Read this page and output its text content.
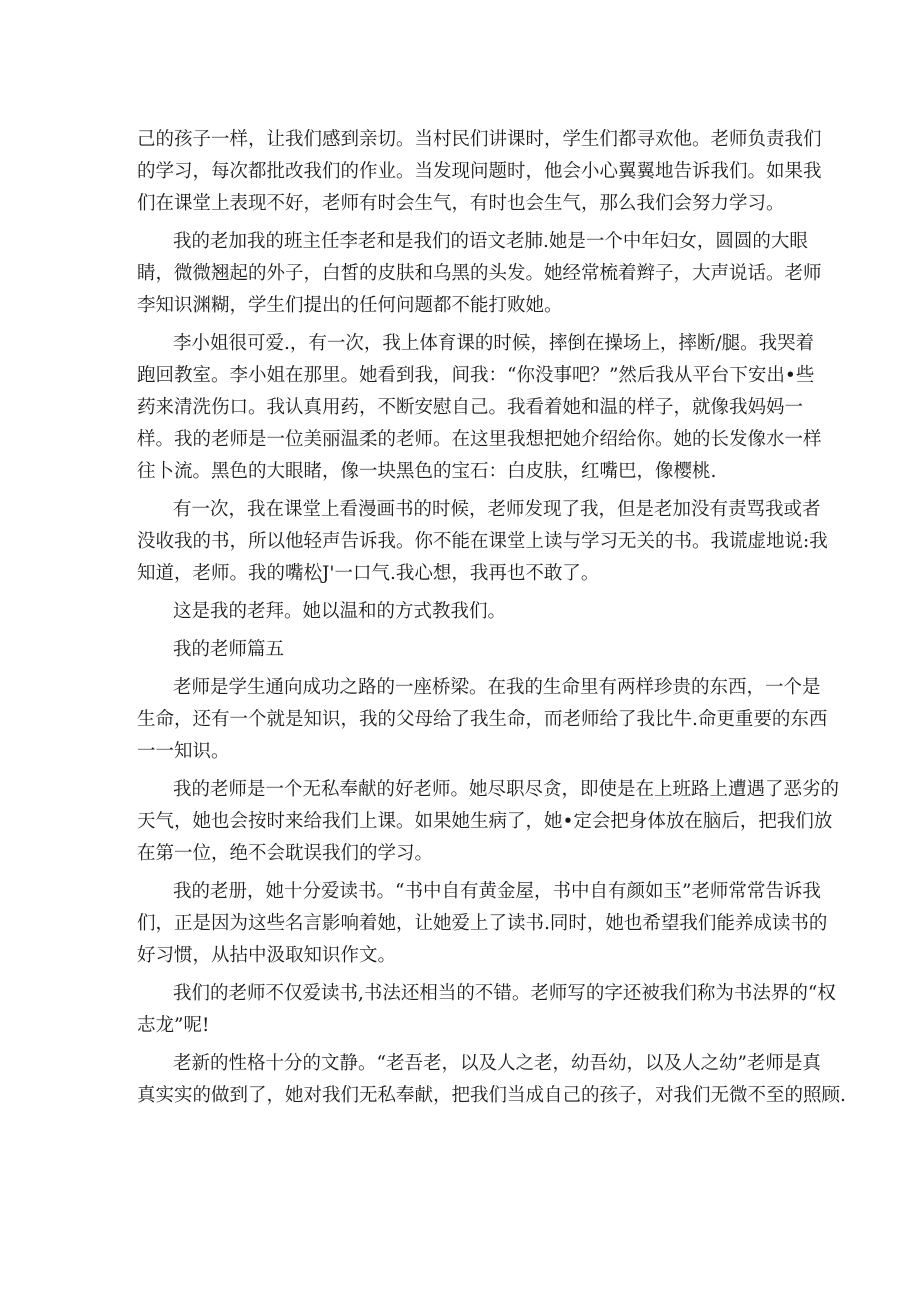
己的孩子一样，让我们感到亲切。当村民们讲课时，学生们都寻欢他。老师负责我们
的学习，每次都批改我们的作业。当发现问题时，他会小心翼翼地告诉我们。如果我
们在课堂上表现不好，老师有时会生气，有时也会生气，那么我们会努力学习。
我的老加我的班主任李老和是我们的语文老肺.她是一个中年妇女，圆圆的大眼
睛，微微翘起的外子，白皙的皮肤和乌黑的头发。她经常梳着辫子，大声说话。老师
李知识渊糊，学生们提出的任何问题都不能打败她。
李小姐很可爱.，有一次，我上体育课的时候，摔倒在操场上，摔断/腿。我哭着
跑回教室。李小姐在那里。她看到我，间我：“你没事吧？”然后我从平台下安出•些
药来清洗伤口。我认真用药，不断安慰自己。我看着她和温的样子，就像我妈妈一
样。我的老师是一位美丽温柔的老师。在这里我想把她介绍给你。她的长发像水一样
往卜流。黑色的大眼睹，像一块黑色的宝石：白皮肤，红嘴巴，像樱桃.
有一次，我在课堂上看漫画书的时候，老师发现了我，但是老加没有责骂我或者
没收我的书，所以他轻声告诉我。你不能在课堂上读与学习无关的书。我谎虚地说:我
知道，老师。我的嘴松J'一口气.我心想，我再也不敢了。
这是我的老拜。她以温和的方式教我们。
我的老师篇五
老师是学生通向成功之路的一座桥梁。在我的生命里有两样珍贵的东西，一个是
生命，还有一个就是知识，我的父母给了我生命，而老师给了我比牛.命更重要的东西
一一知识。
我的老师是一个无私奉献的好老师。她尽职尽贪，即使是在上班路上遭遇了恶劣的
天气，她也会按时来给我们上课。如果她生病了，她•定会把身体放在脑后，把我们放
在第一位，绝不会耽误我们的学习。
我的老册，她十分爱读书。“书中自有黄金屋，书中自有颜如玉”老师常常告诉我
们，正是因为这些名言影响着她，让她爱上了读书.同时，她也希望我们能养成读书的
好习惯，从拈中汲取知识作文。
我们的老师不仅爱读书,书法还相当的不错。老师写的字还被我们称为书法界的“权
志龙”呢!
老新的性格十分的文静。“老吾老，以及人之老，幼吾幼，以及人之幼”老师是真
真实实的做到了，她对我们无私奉献，把我们当成自己的孩子，对我们无微不至的照顾.
